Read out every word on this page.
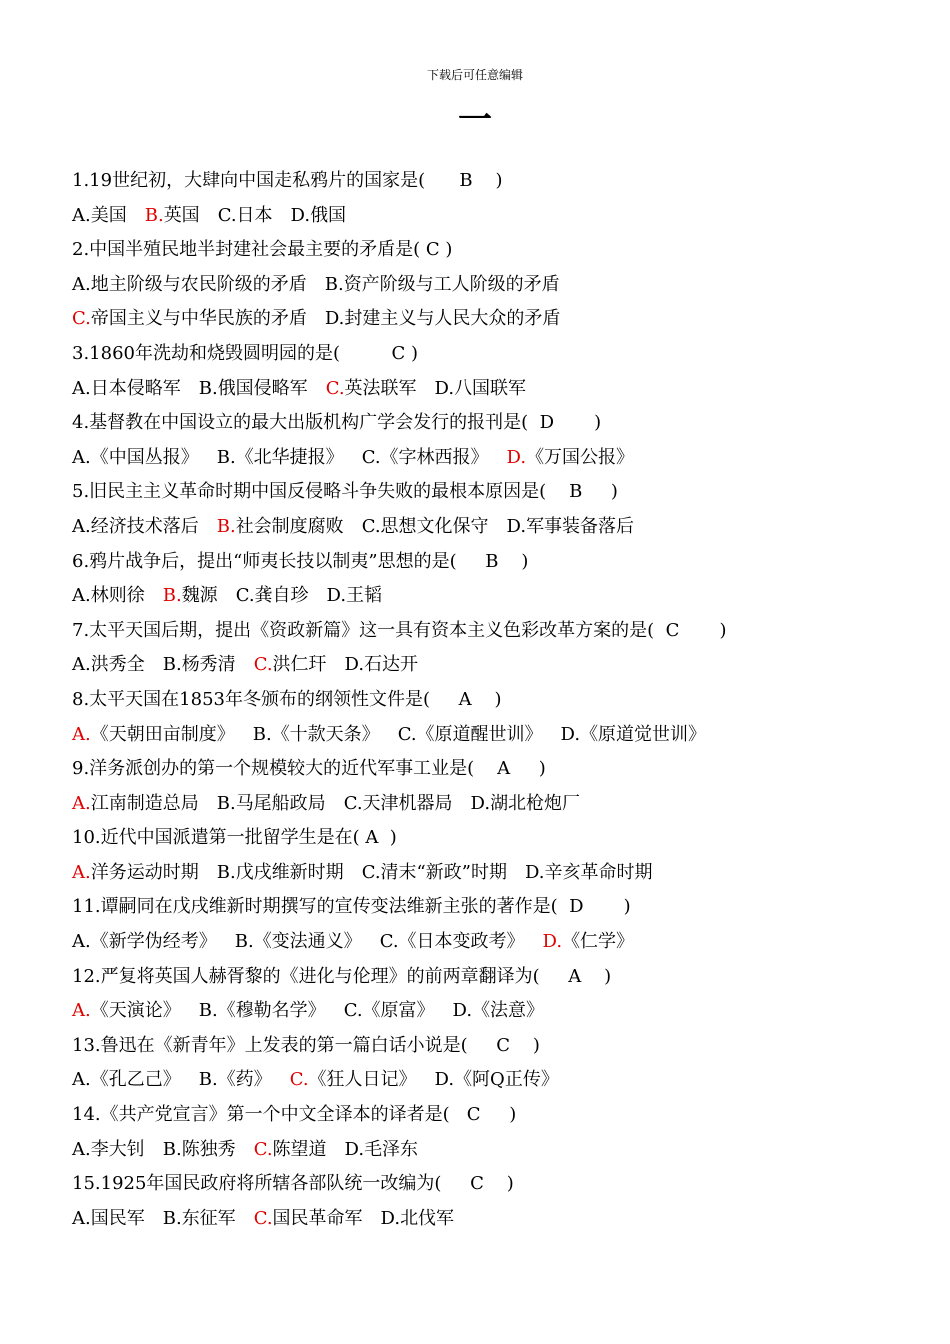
下载后可任意编辑
一
1.19世纪初，大肆向中国走私鸦片的国家是(      B    )
A.美国 B.英国 C.日本 D.俄国
2.中国半殖民地半封建社会最主要的矛盾是( C )
A.地主阶级与农民阶级的矛盾 B.资产阶级与工人阶级的矛盾
C.帝国主义与中华民族的矛盾 D.封建主义与人民大众的矛盾
3.1860年洗劫和烧毁圆明园的是(         C )
A.日本侵略军 B.俄国侵略军 C.英法联军 D.八国联军
4.基督教在中国设立的最大出版机构广学会发行的报刊是(  D       )
A.《中国丛报》 B.《北华捷报》 C.《字林西报》 D.《万国公报》
5.旧民主主义革命时期中国反侵略斗争失败的最根本原因是(    B     )
A.经济技术落后 B.社会制度腐败 C.思想文化保守 D.军事装备落后
6.鸦片战争后，提出“师夷长技以制夷”思想的是(     B    )
A.林则徐 B.魏源 C.龚自珍 D.王韬
7.太平天国后期，提出《资政新篇》这一具有资本主义色彩改革方案的是(  C       )
A.洪秀全 B.杨秀清 C.洪仁玕 D.石达开
8.太平天国在1853年冬颁布的纲领性文件是(     A    )
A.《天朝田亩制度》 B.《十款天条》 C.《原道醒世训》 D.《原道觉世训》
9.洋务派创办的第一个规模较大的近代军事工业是(    A     )
A.江南制造总局 B.马尾船政局 C.天津机器局 D.湖北枪炮厂
10.近代中国派遣第一批留学生是在( A  )
A.洋务运动时期 B.戊戌维新时期 C.清末“新政”时期 D.辛亥革命时期
11.谭嗣同在戊戌维新时期撰写的宣传变法维新主张的著作是(  D       )
A.《新学伪经考》 B.《变法通义》 C.《日本变政考》 D.《仁学》
12.严复将英国人赫胥黎的《进化与伦理》的前两章翻译为(     A    )
A.《天演论》 B.《穆勒名学》 C.《原富》 D.《法意》
13.鲁迅在《新青年》上发表的第一篇白话小说是(     C    )
A.《孔乙己》 B.《药》 C.《狂人日记》 D.《阿Q正传》
14.《共产党宣言》第一个中文全译本的译者是(   C     )
A.李大钊 B.陈独秀 C.陈望道 D.毛泽东
15.1925年国民政府将所辖各部队统一改编为(     C    )
A.国民军 B.东征军 C.国民革命军 D.北伐军
